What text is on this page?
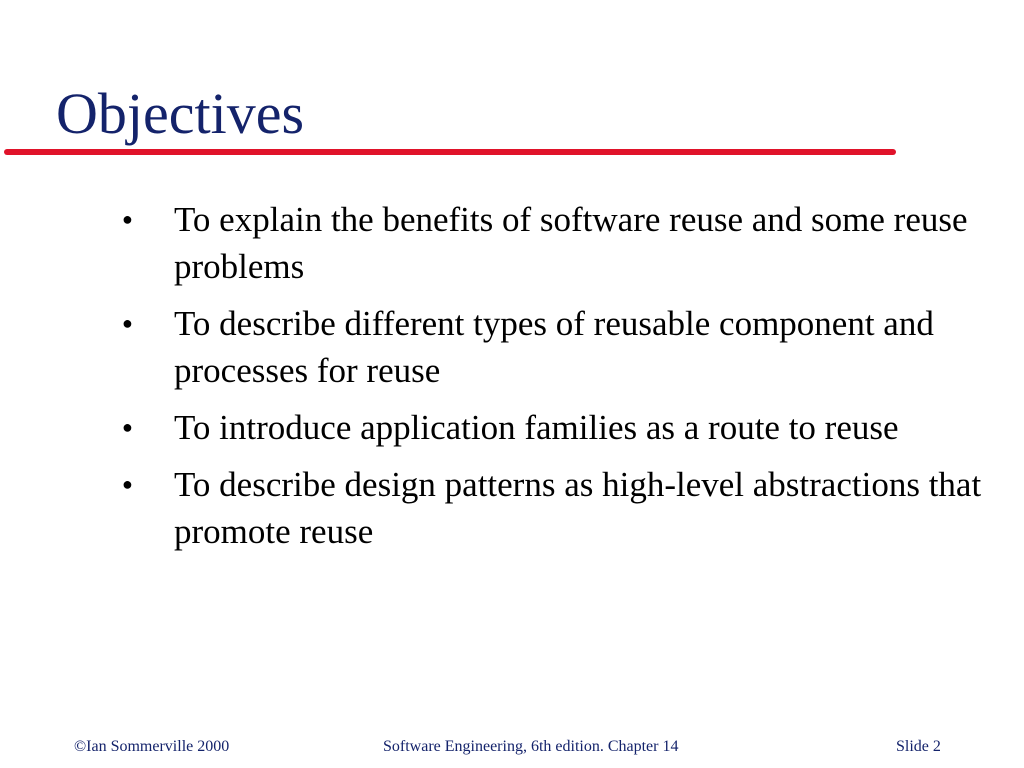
Objectives
●	To explain the benefits of software reuse and some reuse problems
●	To describe different types of reusable component and processes for reuse
●	To introduce application families as a route to reuse
●	To describe design patterns as high-level abstractions that promote reuse
©Ian Sommerville 2000	Software Engineering, 6th edition. Chapter 14	Slide 2
